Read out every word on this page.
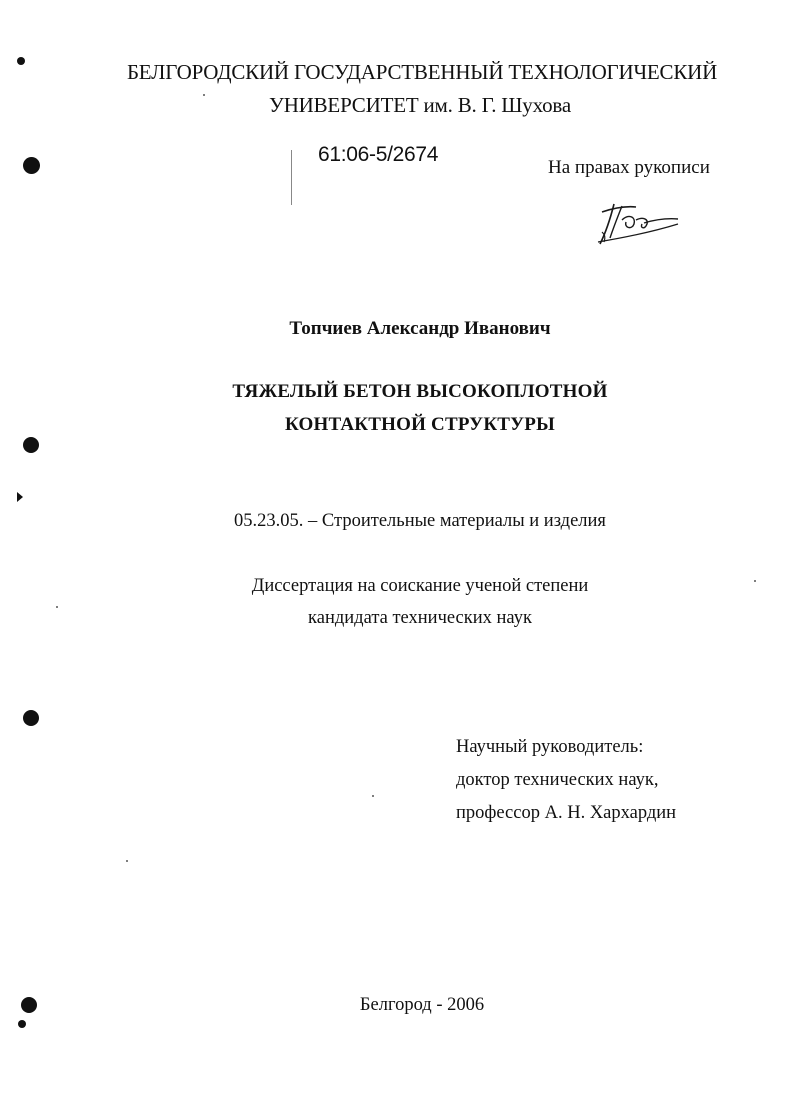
БЕЛГОРОДСКИЙ ГОСУДАРСТВЕННЫЙ ТЕХНОЛОГИЧЕСКИЙ
УНИВЕРСИТЕТ им. В. Г. Шухова
61:06-5/2674
На правах рукописи
Топчиев Александр Иванович
ТЯЖЕЛЫЙ БЕТОН ВЫСОКОПЛОТНОЙ
КОНТАКТНОЙ СТРУКТУРЫ
05.23.05. – Строительные материалы и изделия
Диссертация на соискание ученой степени
кандидата технических наук
Научный руководитель:
доктор технических наук,
профессор А. Н. Хархардин
Белгород - 2006
